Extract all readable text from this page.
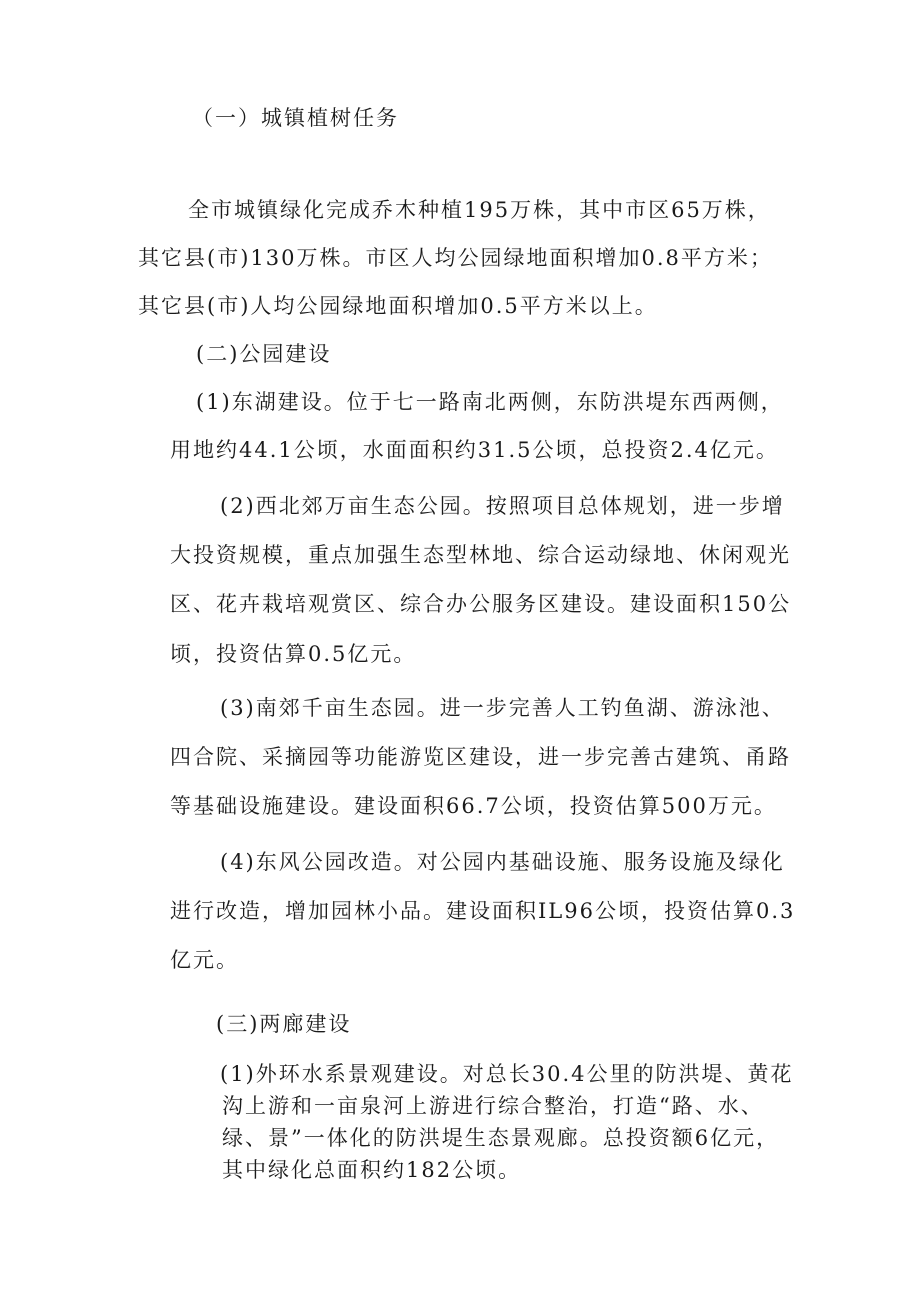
（一）城镇植树任务
全市城镇绿化完成乔木种植195万株，其中市区65万株，
其它县(市)130万株。市区人均公园绿地面积增加0.8平方米；
其它县(市)人均公园绿地面积增加0.5平方米以上。
(二)公园建设
(1)东湖建设。位于七一路南北两侧，东防洪堤东西两侧，
用地约44.1公顷，水面面积约31.5公顷，总投资2.4亿元。
(2)西北郊万亩生态公园。按照项目总体规划，进一步增
大投资规模，重点加强生态型林地、综合运动绿地、休闲观光
区、花卉栽培观赏区、综合办公服务区建设。建设面积150公
顷，投资估算0.5亿元。
(3)南郊千亩生态园。进一步完善人工钓鱼湖、游泳池、
四合院、采摘园等功能游览区建设，进一步完善古建筑、甬路
等基础设施建设。建设面积66.7公顷，投资估算500万元。
(4)东风公园改造。对公园内基础设施、服务设施及绿化
进行改造，增加园林小品。建设面积IL96公顷，投资估算0.3
亿元。
(三)两廊建设
(1)外环水系景观建设。对总长30.4公里的防洪堤、黄花
沟上游和一亩泉河上游进行综合整治，打造“路、水、
绿、景”一体化的防洪堤生态景观廊。总投资额6亿元，
其中绿化总面积约182公顷。
